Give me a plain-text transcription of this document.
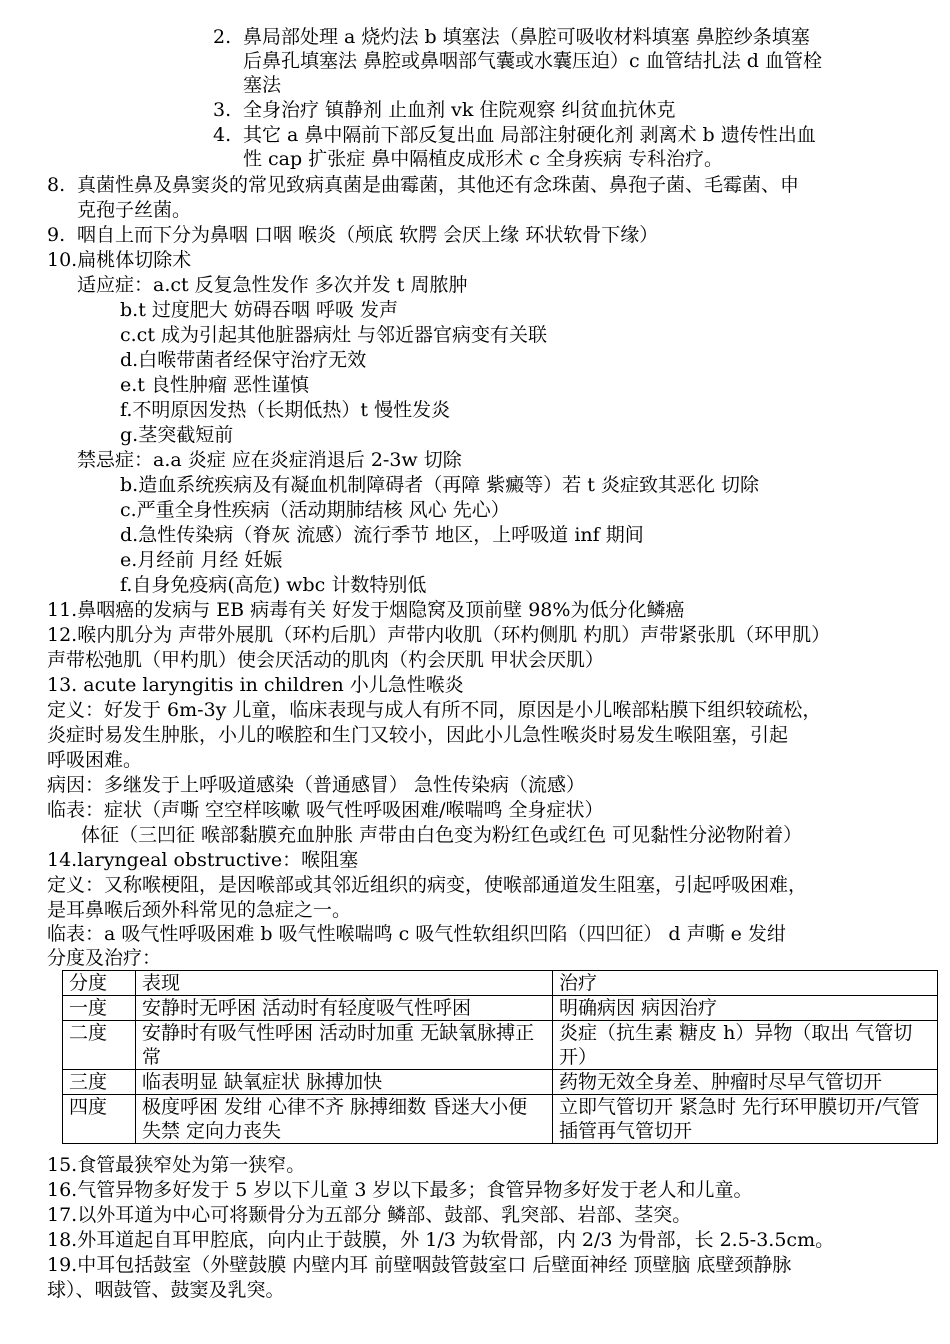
2. 鼻局部处理 a 烧灼法 b 填塞法（鼻腔可吸收材料填塞 鼻腔纱条填塞
后鼻孔填塞法 鼻腔或鼻咽部气囊或水囊压迫）c 血管结扎法 d 血管栓
塞法
3. 全身治疗 镇静剂 止血剂 vk 住院观察 纠贫血抗休克
4. 其它 a 鼻中隔前下部反复出血 局部注射硬化剂 剥离术 b 遗传性出血
性 cap 扩张症 鼻中隔植皮成形术 c 全身疾病 专科治疗。
8. 真菌性鼻及鼻窦炎的常见致病真菌是曲霉菌，其他还有念珠菌、鼻孢子菌、毛霉菌、申
克孢子丝菌。
9. 咽自上而下分为鼻咽 口咽 喉炎（颅底 软腭 会厌上缘 环状软骨下缘）
10.扁桃体切除术
适应症：a.ct 反复急性发作 多次并发 t 周脓肿
b.t 过度肥大 妨碍吞咽 呼吸 发声
c.ct 成为引起其他脏器病灶 与邻近器官病变有关联
d.白喉带菌者经保守治疗无效
e.t 良性肿瘤 恶性谨慎
f.不明原因发热（长期低热）t 慢性发炎
g.茎突截短前
禁忌症：a.a 炎症 应在炎症消退后 2-3w 切除
b.造血系统疾病及有凝血机制障碍者（再障 紫癜等）若 t 炎症致其恶化 切除
c.严重全身性疾病（活动期肺结核 风心 先心）
d.急性传染病（脊灰 流感）流行季节 地区，上呼吸道 inf 期间
e.月经前 月经 妊娠
f.自身免疫病(高危) wbc 计数特别低
11.鼻咽癌的发病与 EB 病毒有关 好发于烟隐窝及顶前壁 98%为低分化鳞癌
12.喉内肌分为 声带外展肌（环杓后肌）声带内收肌（环杓侧肌 杓肌）声带紧张肌（环甲肌）
声带松弛肌（甲杓肌）使会厌活动的肌肉（杓会厌肌 甲状会厌肌）
13. acute laryngitis in children 小儿急性喉炎
定义：好发于 6m-3y 儿童，临床表现与成人有所不同，原因是小儿喉部粘膜下组织较疏松，
炎症时易发生肿胀，小儿的喉腔和生门又较小，因此小儿急性喉炎时易发生喉阻塞，引起
呼吸困难。
病因：多继发于上呼吸道感染（普通感冒） 急性传染病（流感）
临表：症状（声嘶 空空样咳嗽 吸气性呼吸困难/喉喘鸣 全身症状）
体征（三凹征 喉部黏膜充血肿胀 声带由白色变为粉红色或红色 可见黏性分泌物附着）
14.laryngeal obstructive：喉阻塞
定义：又称喉梗阻，是因喉部或其邻近组织的病变，使喉部通道发生阻塞，引起呼吸困难，
是耳鼻喉后颈外科常见的急症之一。
临表：a 吸气性呼吸困难 b 吸气性喉喘鸣 c 吸气性软组织凹陷（四凹征） d 声嘶 e 发绀
分度及治疗：
分度	表现	治疗
一度	安静时无呼困 活动时有轻度吸气性呼困	明确病因 病因治疗
二度	安静时有吸气性呼困 活动时加重 无缺氧脉搏正常	炎症（抗生素 糖皮 h）异物（取出 气管切开）
三度	临表明显 缺氧症状 脉搏加快	药物无效全身差、肿瘤时尽早气管切开
四度	极度呼困 发绀 心律不齐 脉搏细数 昏迷大小便失禁 定向力丧失	立即气管切开 紧急时 先行环甲膜切开/气管插管再气管切开
15.食管最狭窄处为第一狭窄。
16.气管异物多好发于 5 岁以下儿童 3 岁以下最多；食管异物多好发于老人和儿童。
17.以外耳道为中心可将颞骨分为五部分 鳞部、鼓部、乳突部、岩部、茎突。
18.外耳道起自耳甲腔底，向内止于鼓膜，外 1/3 为软骨部，内 2/3 为骨部，长 2.5-3.5cm。
19.中耳包括鼓室（外壁鼓膜 内壁内耳 前壁咽鼓管鼓室口 后壁面神经 顶壁脑 底壁颈静脉
球）、咽鼓管、鼓窦及乳突。
